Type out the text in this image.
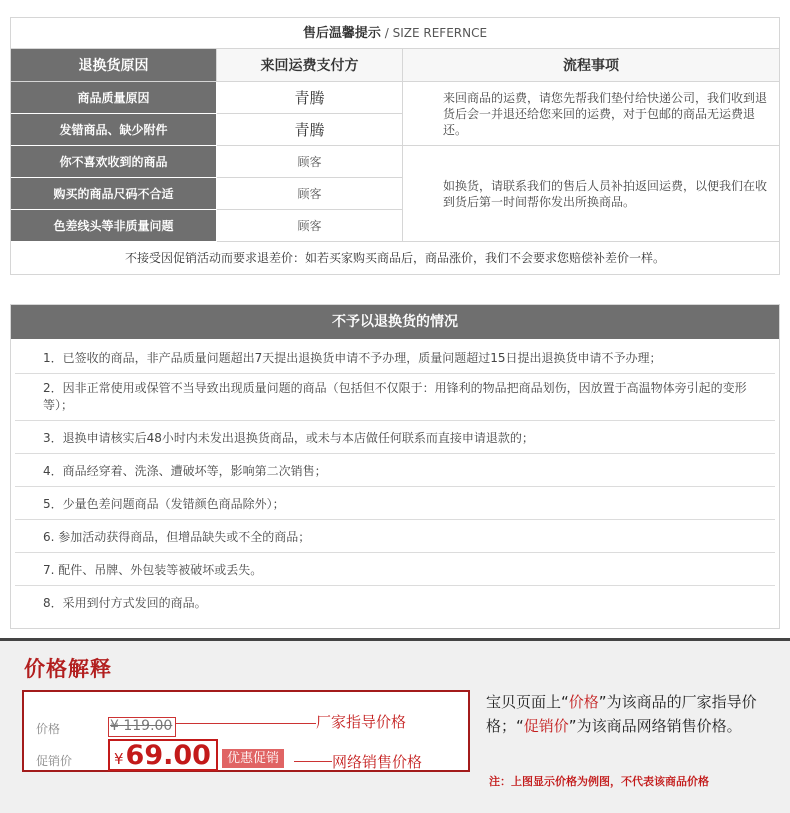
售后温馨提示 / SIZE REFERNCE
退换货原因	来回运费支付方	流程事项
商品质量原因	青腾	来回商品的运费，请您先帮我们垫付给快递公司，我们收到退货后会一并退还给您来回的运费，对于包邮的商品无运费退还。
发错商品、缺少附件	青腾
你不喜欢收到的商品	顾客
如换货，请联系我们的售后人员补拍返回运费，以便我们在收到货后第一时间帮你发出所换商品。
购买的商品尺码不合适	顾客
色差线头等非质量问题	顾客
不接受因促销活动而要求退差价：如若买家购买商品后，商品涨价，我们不会要求您赔偿补差价一样。
不予以退换货的情况
1．已签收的商品，非产品质量问题超出7天提出退换货申请不予办理，质量问题超过15日提出退换货申请不予办理；
2．因非正常使用或保管不当导致出现质量问题的商品（包括但不仅限于：用锋利的物品把商品划伤，因放置于高温物体旁引起的变形等）；
3．退换申请核实后48小时内未发出退换货商品，或未与本店做任何联系而直接申请退款的；
4．商品经穿着、洗涤、遭破坏等，影响第二次销售；
5．少量色差问题商品（发错颜色商品除外）；
6. 参加活动获得商品，但增品缺失或不全的商品；
7. 配件、吊牌、外包装等被破坏或丢失。
8．采用到付方式发回的商品。
价格解释
价格
促销价
¥ 119.00	厂家指导价格
¥69.00	优惠促销	网络销售价格
宝贝页面上“价格”为该商品的厂家指导价格；“促销价”为该商品网络销售价格。
注：上图显示价格为例图，不代表该商品价格
